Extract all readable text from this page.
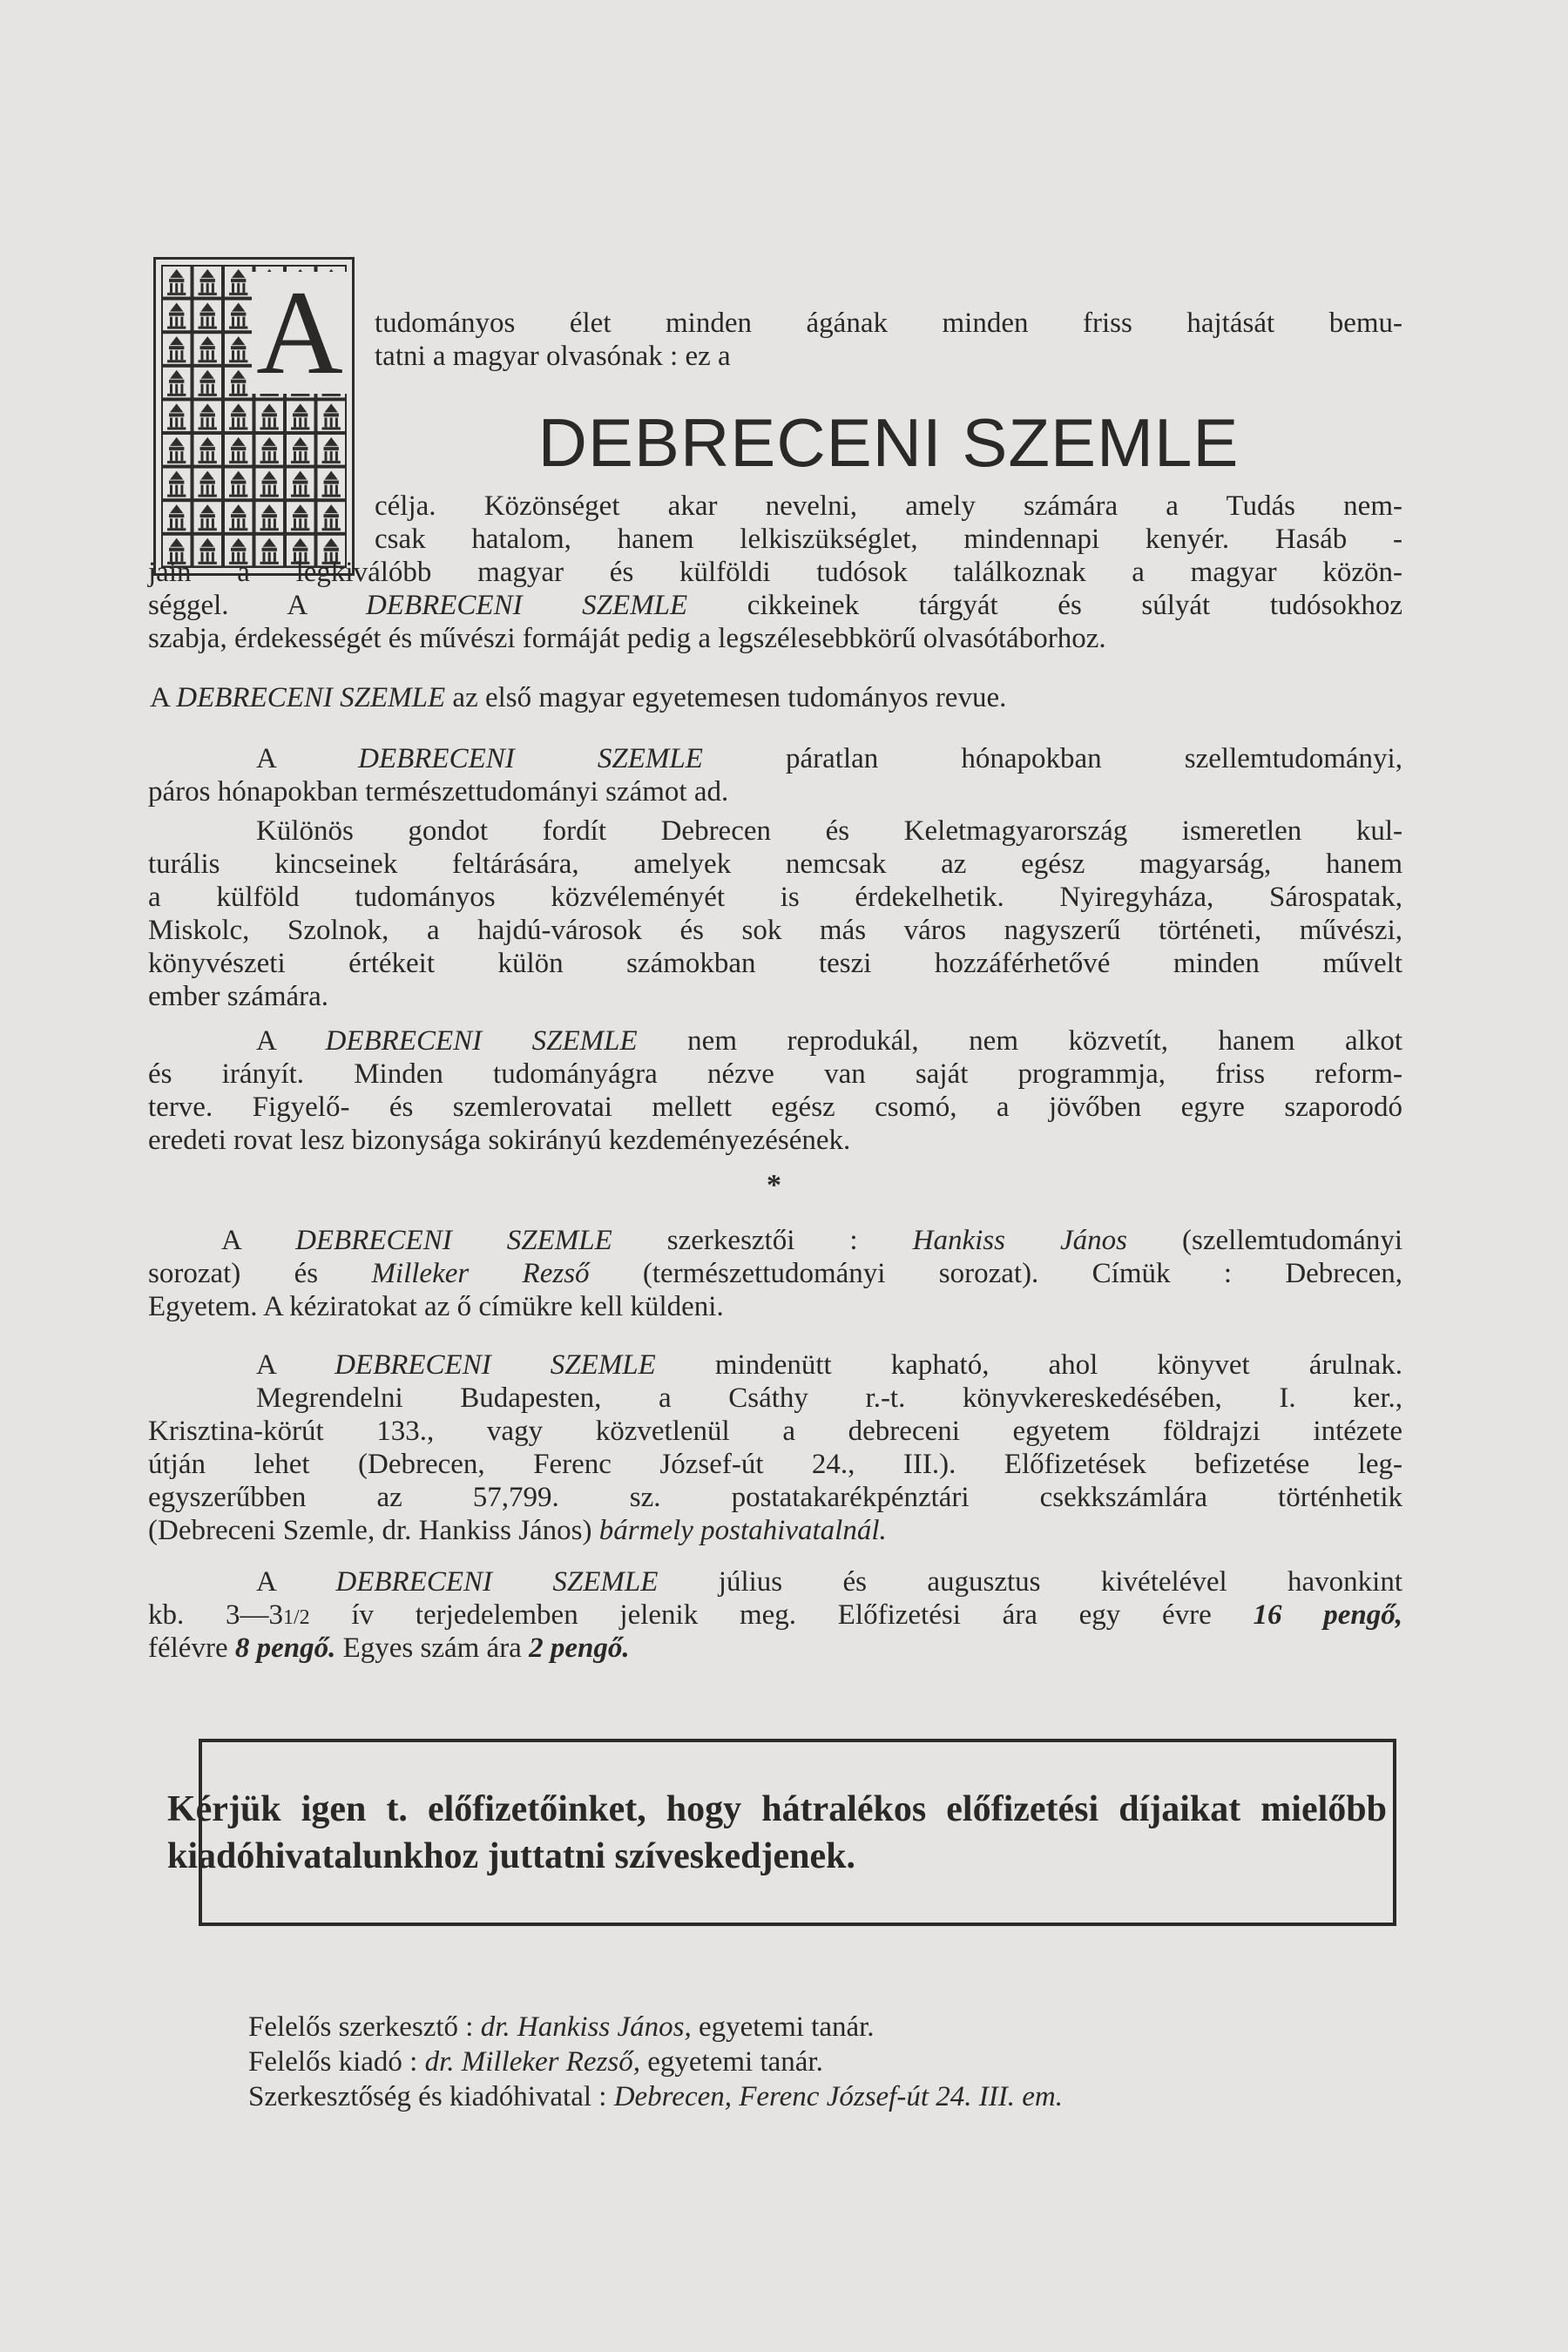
A tudományos élet minden ágának minden friss hajtását bemu-

tatni a magyar olvasónak : ez a

DEBRECENI SZEMLE

célja. Közönséget akar nevelni, amely számára a Tudás nem-

csak hatalom, hanem lelkiszükséglet, mindennapi kenyér. Hasáb -

jain a legkiválóbb magyar és külföldi tudósok találkoznak a magyar közön-

séggel. A DEBRECENI SZEMLE cikkeinek tárgyát és súlyát tudósokhoz

szabja, érdekességét és művészi formáját pedig a legszélesebbkörű olvasótáborhoz.

A DEBRECENI SZEMLE az első magyar egyetemesen tudományos revue.

A DEBRECENI SZEMLE páratlan hónapokban szellemtudományi,

páros hónapokban természettudományi számot ad.

Különös gondot fordít Debrecen és Keletmagyarország ismeretlen kul-

turális kincseinek feltárására, amelyek nemcsak az egész magyarság, hanem

a külföld tudományos közvéleményét is érdekelhetik. Nyiregyháza, Sárospatak,

Miskolc, Szolnok, a hajdú-városok és sok más város nagyszerű történeti, művészi,

könyvészeti értékeit külön számokban teszi hozzáférhetővé minden művelt

ember számára.

A DEBRECENI SZEMLE nem reprodukál, nem közvetít, hanem alkot

és irányít. Minden tudományágra nézve van saját programmja, friss reform-

terve. Figyelő- és szemlerovatai mellett egész csomó, a jövőben egyre szaporodó

eredeti rovat lesz bizonysága sokirányú kezdeményezésének.

*

A DEBRECENI SZEMLE szerkesztői : Hankiss János (szellemtudományi

sorozat) és Milleker Rezső (természettudományi sorozat). Címük : Debrecen,

Egyetem. A kéziratokat az ő címükre kell küldeni.

A DEBRECENI SZEMLE mindenütt kapható, ahol könyvet árulnak.

Megrendelni Budapesten, a Csáthy r.-t. könyvkereskedésében, I. ker.,

Krisztina-körút 133., vagy közvetlenül a debreceni egyetem földrajzi intézete

útján lehet (Debrecen, Ferenc József-út 24., III.). Előfizetések befizetése leg-

egyszerűbben az 57,799. sz. postatakarékpénztári csekkszámlára történhetik

(Debreceni Szemle, dr. Hankiss János) bármely postahivatalnál.

A DEBRECENI SZEMLE július és augusztus kivételével havonkint

kb. 3—31/2 ív terjedelemben jelenik meg. Előfizetési ára egy évre 16 pengő,

félévre 8 pengő. Egyes szám ára 2 pengő.

Kérjük igen t. előfizetőinket, hogy hátralékos előfizetési díjaikat mielőbb kiadóhivatalunkhoz juttatni szíveskedjenek.

Felelős szerkesztő : dr. Hankiss János, egyetemi tanár.

Felelős kiadó : dr. Milleker Rezső, egyetemi tanár.

Szerkesztőség és kiadóhivatal : Debrecen, Ferenc József-út 24. III. em.
